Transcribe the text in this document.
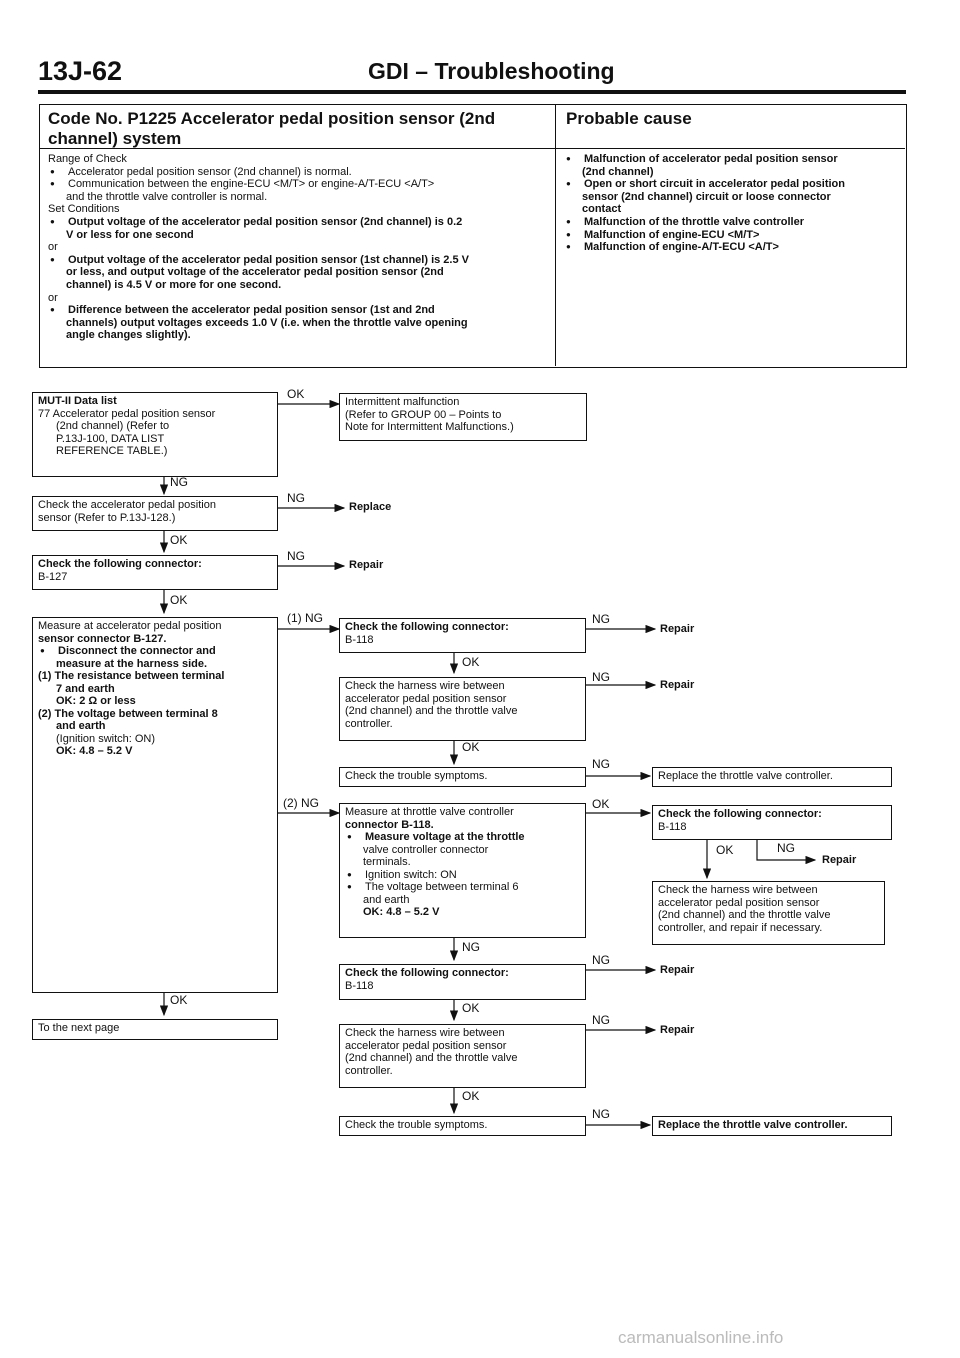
13J-62	GDI – Troubleshooting
Code No. P1225 Accelerator pedal position sensor (2nd
channel) system
Probable cause
Range of Check
● Accelerator pedal position sensor (2nd channel) is normal.
● Communication between the engine-ECU <M/T> or engine-A/T-ECU <A/T>
and the throttle valve controller is normal.
Set Conditions
● Output voltage of the accelerator pedal position sensor (2nd channel) is 0.2
V or less for one second
or
● Output voltage of the accelerator pedal position sensor (1st channel) is 2.5 V
or less, and output voltage of the accelerator pedal position sensor (2nd
channel) is 4.5 V or more for one second.
or
● Difference between the accelerator pedal position sensor (1st and 2nd
channels) output voltages exceeds 1.0 V (i.e. when the throttle valve opening
angle changes slightly).
● Malfunction of accelerator pedal position sensor
(2nd channel)
● Open or short circuit in accelerator pedal position
sensor (2nd channel) circuit or loose connector
contact
● Malfunction of the throttle valve controller
● Malfunction of engine-ECU <M/T>
● Malfunction of engine-A/T-ECU <A/T>
MUT-II Data list
77 Accelerator pedal position sensor
(2nd channel) (Refer to
P.13J-100, DATA LIST
REFERENCE TABLE.)
Intermittent malfunction
(Refer to GROUP 00 – Points to
Note for Intermittent Malfunctions.)
Check the accelerator pedal position
sensor (Refer to P.13J-128.)
Check the following connector:
B-127
Measure at accelerator pedal position
sensor connector B-127.
● Disconnect the connector and
measure at the harness side.
(1) The resistance between terminal
7 and earth
OK: 2 Ω or less
(2) The voltage between terminal 8
and earth
(Ignition switch: ON)
OK: 4.8 – 5.2 V
To the next page
Check the following connector:
B-118
Check the harness wire between
accelerator pedal position sensor
(2nd channel) and the throttle valve
controller.
Check the trouble symptoms.
Measure at throttle valve controller
connector B-118.
● Measure voltage at the throttle
valve controller connector
terminals.
● Ignition switch: ON
● The voltage between terminal 6
and earth
OK: 4.8 – 5.2 V
Check the following connector:
B-118
Check the harness wire between
accelerator pedal position sensor
(2nd channel) and the throttle valve
controller.
Check the trouble symptoms.
Replace the throttle valve controller.
Check the following connector:
B-118
Check the harness wire between
accelerator pedal position sensor
(2nd channel) and the throttle valve
controller, and repair if necessary.
Replace the throttle valve controller.
OK
NG
NG
OK
NG
OK
(1) NG
(2) NG
OK
NG
OK
NG
OK
NG
OK
OK	NG
NG
NG
OK
NG
OK
NG
Replace
Repair
Repair
Repair
Repair
Repair
Repair
carmanualsonline.info
